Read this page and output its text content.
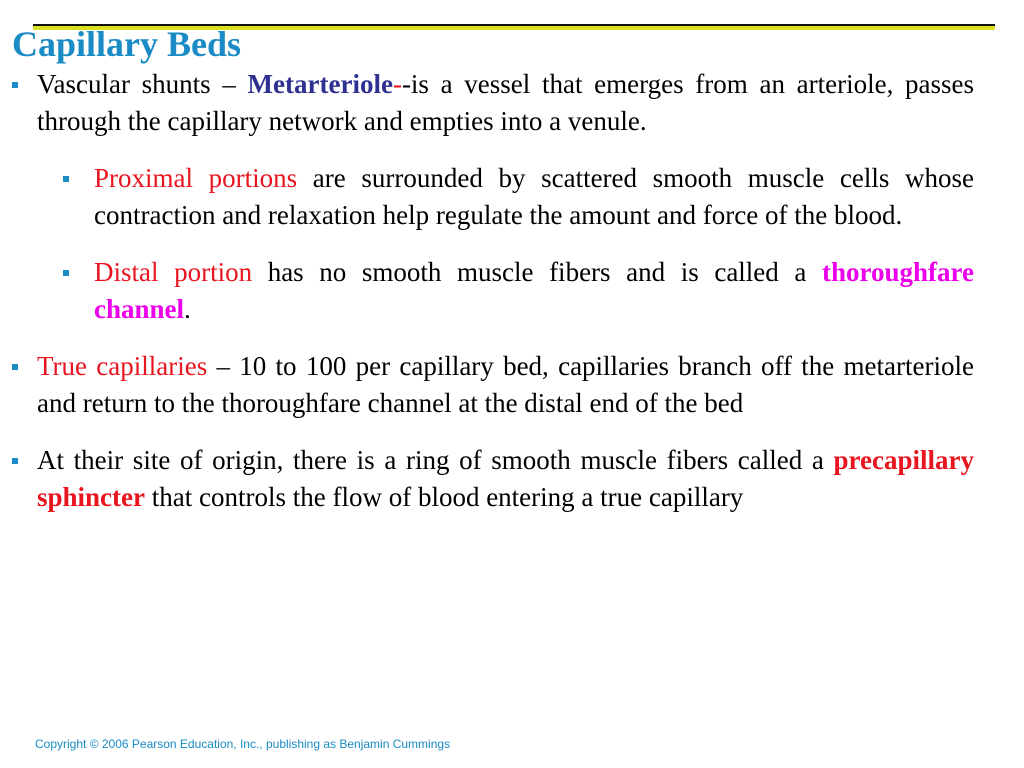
Capillary Beds
Vascular shunts – Metarteriole--is a vessel that emerges from an arteriole, passes through the capillary network and empties into a venule.
Proximal portions are surrounded by scattered smooth muscle cells whose contraction and relaxation help regulate the amount and force of the blood.
Distal portion has no smooth muscle fibers and is called a thoroughfare channel.
True capillaries – 10 to 100 per capillary bed, capillaries branch off the metarteriole and return to the thoroughfare channel at the distal end of the bed
At their site of origin, there is a ring of smooth muscle fibers called a precapillary sphincter that controls the flow of blood entering a true capillary
Copyright © 2006 Pearson Education, Inc., publishing as Benjamin Cummings
